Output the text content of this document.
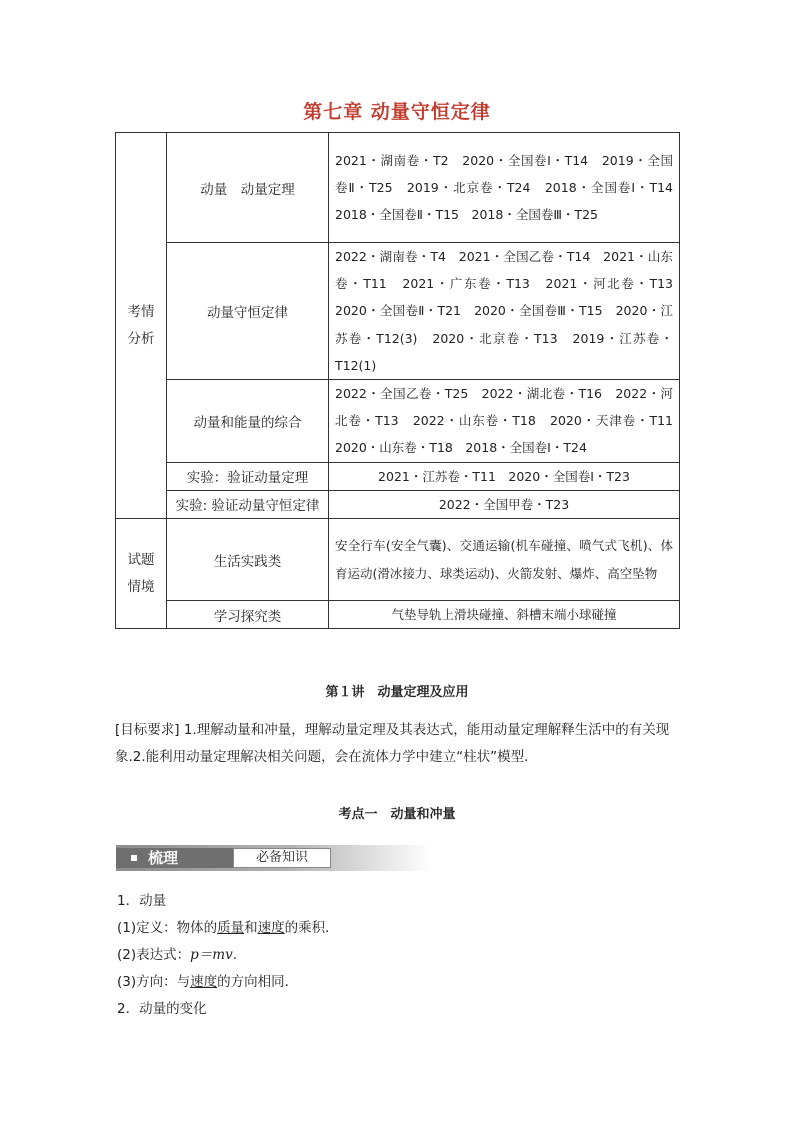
第七章 动量守恒定律
考情
分析	动量　动量定理	2021・湖南卷・T2　2020・全国卷Ⅰ・T14　2019・全国卷Ⅱ・T25　2019・北京卷・T24　2018・全国卷Ⅰ・T14　2018・全国卷Ⅱ・T15　2018・全国卷Ⅲ・T25
	动量守恒定律	2022・湖南卷・T4　2021・全国乙卷・T14　2021・山东卷・T11　2021・广东卷・T13　2021・河北卷・T13　2020・全国卷Ⅱ・T21　2020・全国卷Ⅲ・T15　2020・江苏卷・T12(3)　2020・北京卷・T13　2019・江苏卷・T12(1)
	动量和能量的综合	2022・全国乙卷・T25　2022・湖北卷・T16　2022・河北卷・T13　2022・山东卷・T18　2020・天津卷・T11　2020・山东卷・T18　2018・全国卷Ⅰ・T24
	实验：验证动量定理	2021・江苏卷・T11　2020・全国卷Ⅰ・T23
	实验: 验证动量守恒定律	2022・全国甲卷・T23

试题
情境	生活实践类	安全行车(安全气囊)、交通运输(机车碰撞、喷气式飞机)、体育运动(滑冰接力、球类运动)、火箭发射、爆炸、高空坠物
	学习探究类	气垫导轨上滑块碰撞、斜槽末端小球碰撞
第１讲　动量定理及应用
[目标要求] 1.理解动量和冲量，理解动量定理及其表达式，能用动量定理解释生活中的有关现象.2.能利用动量定理解决相关问题，会在流体力学中建立“柱状”模型.
考点一　动量和冲量
梳理	必备知识
1．动量
(1)定义：物体的质量和速度的乘积．
(2)表达式：p＝mv.
(3)方向：与速度的方向相同．
2．动量的变化
